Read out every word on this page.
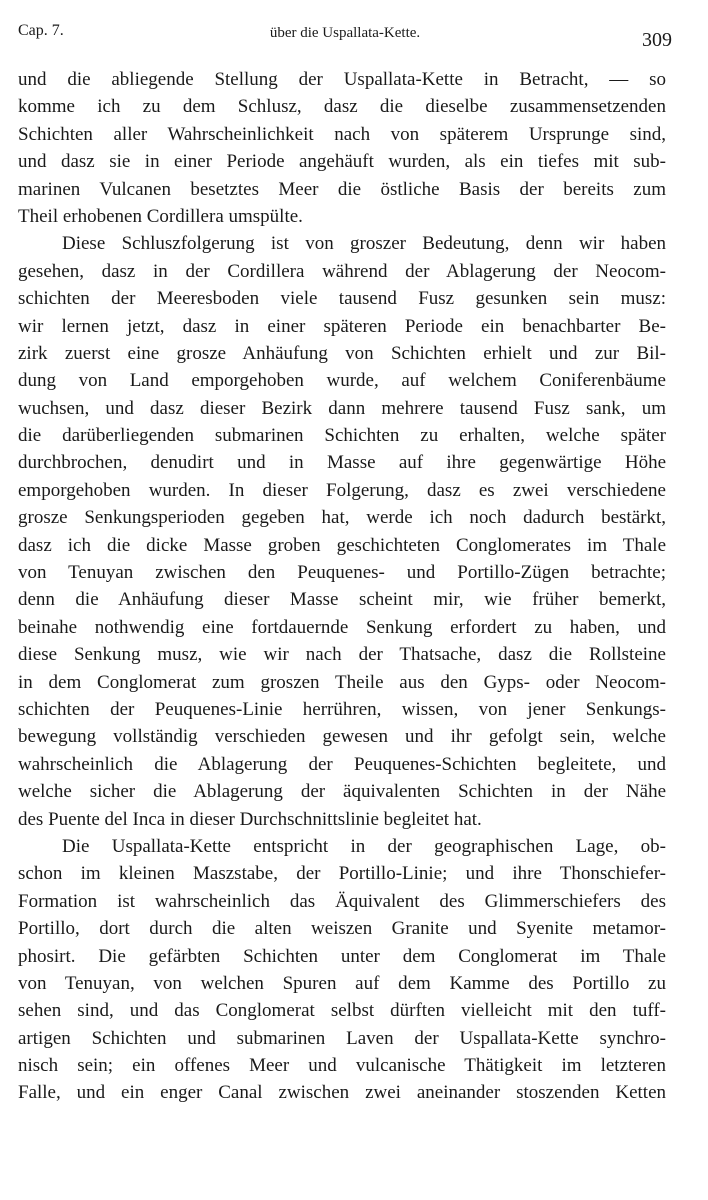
Cap. 7.	über die Uspallata-Kette.	309
und die abliegende Stellung der Uspallata-Kette in Betracht, — so
komme ich zu dem Schlusz, dasz die dieselbe zusammensetzenden
Schichten aller Wahrscheinlichkeit nach von späterem Ursprunge sind,
und dasz sie in einer Periode angehäuft wurden, als ein tiefes mit sub-
marinen Vulcanen besetztes Meer die östliche Basis der bereits zum
Theil erhobenen Cordillera umspülte.
Diese Schluszfolgerung ist von groszer Bedeutung, denn wir haben
gesehen, dasz in der Cordillera während der Ablagerung der Neocom-
schichten der Meeresboden viele tausend Fusz gesunken sein musz:
wir lernen jetzt, dasz in einer späteren Periode ein benachbarter Be-
zirk zuerst eine grosze Anhäufung von Schichten erhielt und zur Bil-
dung von Land emporgehoben wurde, auf welchem Coniferenbäume
wuchsen, und dasz dieser Bezirk dann mehrere tausend Fusz sank, um
die darüberliegenden submarinen Schichten zu erhalten, welche später
durchbrochen, denudirt und in Masse auf ihre gegenwärtige Höhe
emporgehoben wurden. In dieser Folgerung, dasz es zwei verschiedene
grosze Senkungsperioden gegeben hat, werde ich noch dadurch bestärkt,
dasz ich die dicke Masse groben geschichteten Conglomerates im Thale
von Tenuyan zwischen den Peuquenes- und Portillo-Zügen betrachte;
denn die Anhäufung dieser Masse scheint mir, wie früher bemerkt,
beinahe nothwendig eine fortdauernde Senkung erfordert zu haben, und
diese Senkung musz, wie wir nach der Thatsache, dasz die Rollsteine
in dem Conglomerat zum groszen Theile aus den Gyps- oder Neocom-
schichten der Peuquenes-Linie herrühren, wissen, von jener Senkungs-
bewegung vollständig verschieden gewesen und ihr gefolgt sein, welche
wahrscheinlich die Ablagerung der Peuquenes-Schichten begleitete, und
welche sicher die Ablagerung der äquivalenten Schichten in der Nähe
des Puente del Inca in dieser Durchschnittslinie begleitet hat.
Die Uspallata-Kette entspricht in der geographischen Lage, ob-
schon im kleinen Maszstabe, der Portillo-Linie; und ihre Thonschiefer-
Formation ist wahrscheinlich das Äquivalent des Glimmerschiefers des
Portillo, dort durch die alten weiszen Granite und Syenite metamor-
phosirt. Die gefärbten Schichten unter dem Conglomerat im Thale
von Tenuyan, von welchen Spuren auf dem Kamme des Portillo zu
sehen sind, und das Conglomerat selbst dürften vielleicht mit den tuff-
artigen Schichten und submarinen Laven der Uspallata-Kette synchro-
nisch sein; ein offenes Meer und vulcanische Thätigkeit im letzteren
Falle, und ein enger Canal zwischen zwei aneinander stoszenden Ketten
